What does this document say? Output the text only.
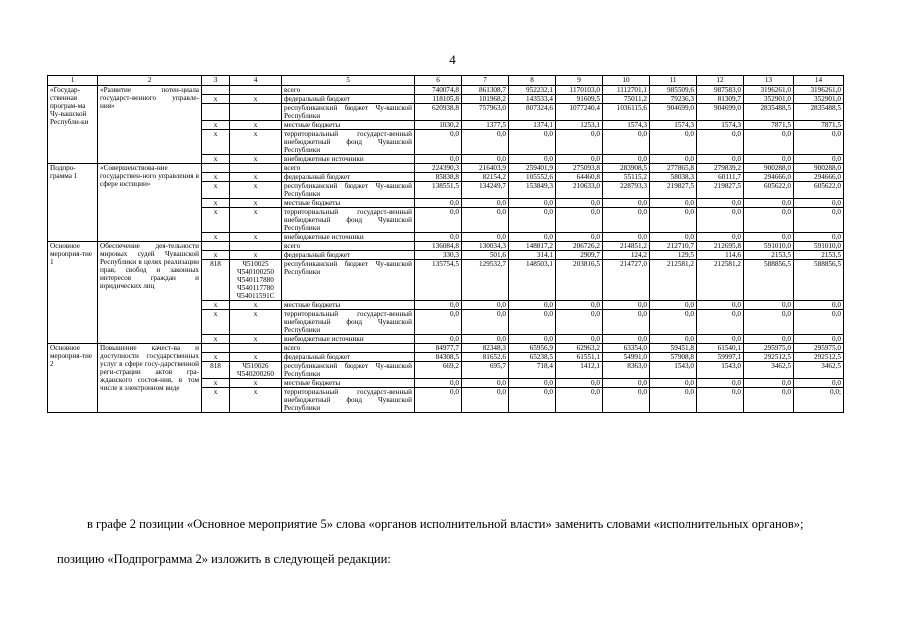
4
1	2	3	4	5	6	7	8	9	10	11	12	13	14
«Государ-ственная програм-ма Чу-вашской Республи-ки	«Развитие потен-циала государст-венного управле-ния»			всего	740074,8	861308,7	952232,1	1170103,0	1112701,1	985509,6	987583,0	3196261,0	3196261,0
		x	x	федеральный бюджет	118105,8	101968,2	143533,4	91609,5	75011,2	79236,3	81309,7	352901,0	352901,0
				республиканский бюджет Чу-вашской Республики	620938,8	757963,0	807324,6	1077240,4	1036115,6	904699,0	904699,0	2835488,5	2835488,5
		x	x	местные бюджеты	1030,2	1377,5	1374,1	1253,1	1574,3	1574,3	1574,3	7871,5	7871,5
		x	x	территориальный государст-венный внебюджетный фонд Чувашской Республики	0,0	0,0	0,0	0,0	0,0	0,0	0,0	0,0	0,0
		x	x	внебюджетные источники	0,0	0,0	0,0	0,0	0,0	0,0	0,0	0,0	0,0
Подпро-грамма 1	«Совершенствова-ние государствен-ного управления в сфере юстиции»			всего	224390,3	216403,9	259401,9	275093,8	283908,5	277865,8	279839,2	900288,0	900288,0
		x	x	федеральный бюджет	85838,8	82154,2	105552,6	64460,8	55115,2	58038,3	60111,7	294666,0	294666,0
		x	x	республиканский бюджет Чу-вашской Республики	138551,5	134249,7	153849,3	210633,0	228793,3	219827,5	219827,5	605622,0	605622,0
		x	x	местные бюджеты	0,0	0,0	0,0	0,0	0,0	0,0	0,0	0,0	0,0
		x	x	территориальный государст-венный внебюджетный фонд Чувашской Республики	0,0	0,0	0,0	0,0	0,0	0,0	0,0	0,0	0,0
		x	x	внебюджетные источники	0,0	0,0	0,0	0,0	0,0	0,0	0,0	0,0	0,0
Основное мероприя-тие 1	Обеспечение дея-тельности мировых судей Чувашской Республики в целях реализации прав, свобод и законных интересов граждан и юридических лиц			всего	136084,8	130034,3	148817,2	206726,2	214851,2	212710,7	212695,8	591010,0	591010,0
		x	x	федеральный бюджет	330,3	501,6	314,1	2909,7	124,2	129,5	114,6	2153,5	2153,5
		818	Ч510025 Ч540100250 Ч540117880 Ч540117780 Ч54011591С	республиканский бюджет Чу-вашской Республики	135754,5	129532,7	148503,1	203816,5	214727,0	212581,2	212581,2	588856,5	588856,5
		x	x	местные бюджеты	0,0	0,0	0,0	0,0	0,0	0,0	0,0	0,0	0,0
		x	x	территориальный государст-венный внебюджетный фонд Чувашской Республики	0,0	0,0	0,0	0,0	0,0	0,0	0,0	0,0	0,0
		x	x	внебюджетные источники	0,0	0,0	0,0	0,0	0,0	0,0	0,0	0,0	0,0
Основное мероприя-тие 2	Повышение качест-ва и доступности государственных услуг в сфере госу-дарственной реги-страции актов гра-жданского состоя-ния, в том числе в электронном виде			всего	84977,7	82348,3	65956,9	62963,2	63354,0	59451,8	61540,1	295975,0	295975,0
		x	x	федеральный бюджет	84308,5	81652,6	65238,5	61551,1	54991,0	57908,8	59997,1	292512,5	292512,5
		818	Ч510026 Ч540200260	республиканский бюджет Чу-вашской Республики	669,2	695,7	718,4	1412,1	8363,0	1543,0	1543,0	3462,5	3462,5
		x	x	местные бюджеты	0,0	0,0	0,0	0,0	0,0	0,0	0,0	0,0	0,0
		x	x	территориальный государст-венный внебюджетный фонд Чувашской Республики	0,0	0,0	0,0	0,0	0,0	0,0	0,0	0,0	0,0;
в графе 2 позиции «Основное мероприятие 5» слова «органов исполнительной власти» заменить словами «исполнительных органов»;
позицию «Подпрограмма 2» изложить в следующей редакции:
